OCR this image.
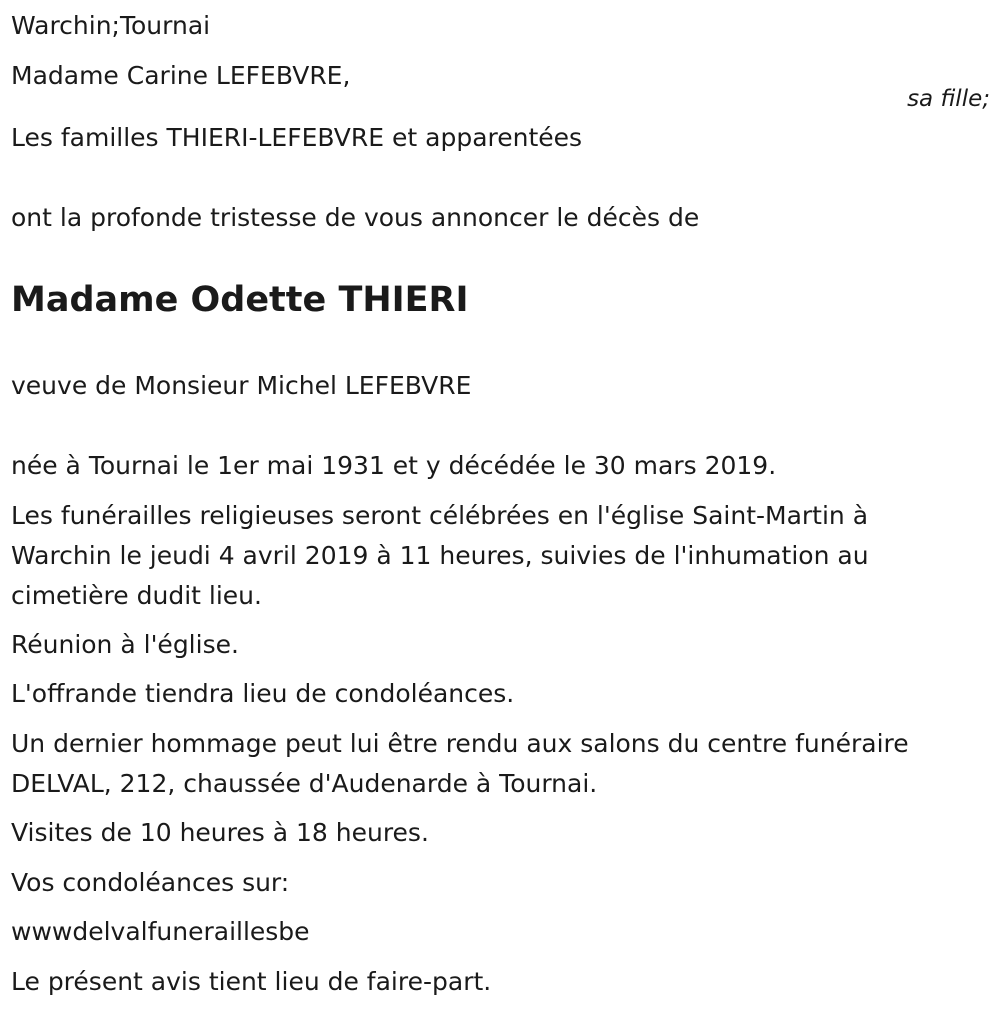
Warchin;Tournai
Madame Carine LEFEBVRE,
sa fille;
Les familles THIERI-LEFEBVRE et apparentées
ont la profonde tristesse de vous annoncer le décès de
Madame Odette THIERI
veuve de Monsieur Michel LEFEBVRE
née à Tournai le 1er mai 1931 et y décédée le 30 mars 2019.
Les funérailles religieuses seront célébrées en l'église Saint-Martin à
Warchin le jeudi 4 avril 2019 à 11 heures, suivies de l'inhumation au
cimetière dudit lieu.
Réunion à l'église.
L'offrande tiendra lieu de condoléances.
Un dernier hommage peut lui être rendu aux salons du centre funéraire
DELVAL, 212, chaussée d'Audenarde à Tournai.
Visites de 10 heures à 18 heures.
Vos condoléances sur:
wwwdelvalfuneraillesbe
Le présent avis tient lieu de faire-part.
